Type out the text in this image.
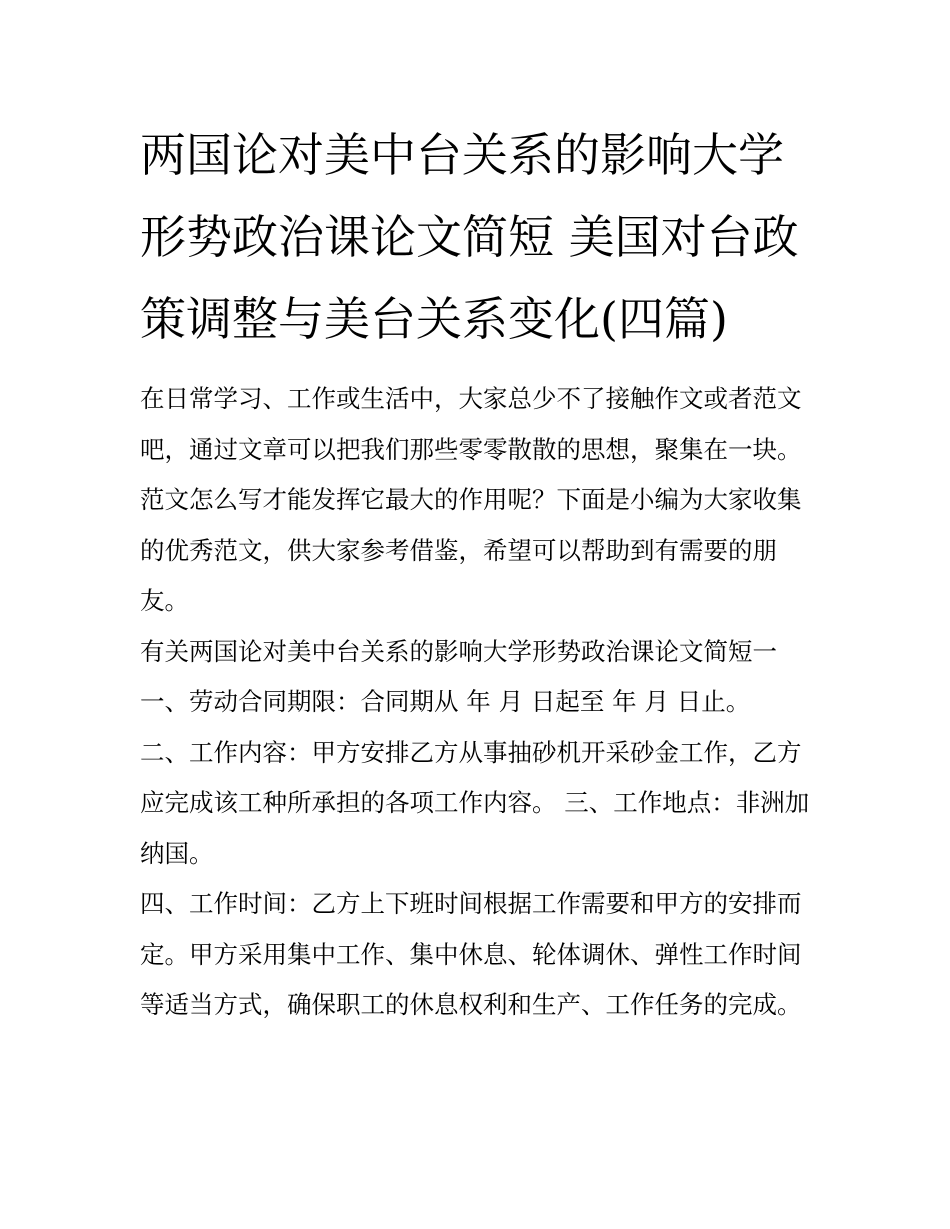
两国论对美中台关系的影响大学形势政治课论文简短 美国对台政策调整与美台关系变化(四篇)

在日常学习、工作或生活中，大家总少不了接触作文或者范文吧，通过文章可以把我们那些零零散散的思想，聚集在一块。范文怎么写才能发挥它最大的作用呢？下面是小编为大家收集的优秀范文，供大家参考借鉴，希望可以帮助到有需要的朋友。

有关两国论对美中台关系的影响大学形势政治课论文简短一

一、劳动合同期限：合同期从 年 月 日起至 年 月 日止。

二、工作内容：甲方安排乙方从事抽砂机开采砂金工作，乙方应完成该工种所承担的各项工作内容。 三、工作地点：非洲加纳国。

四、工作时间：乙方上下班时间根据工作需要和甲方的安排而定。甲方采用集中工作、集中休息、轮体调休、弹性工作时间等适当方式，确保职工的休息权利和生产、工作任务的完成。
